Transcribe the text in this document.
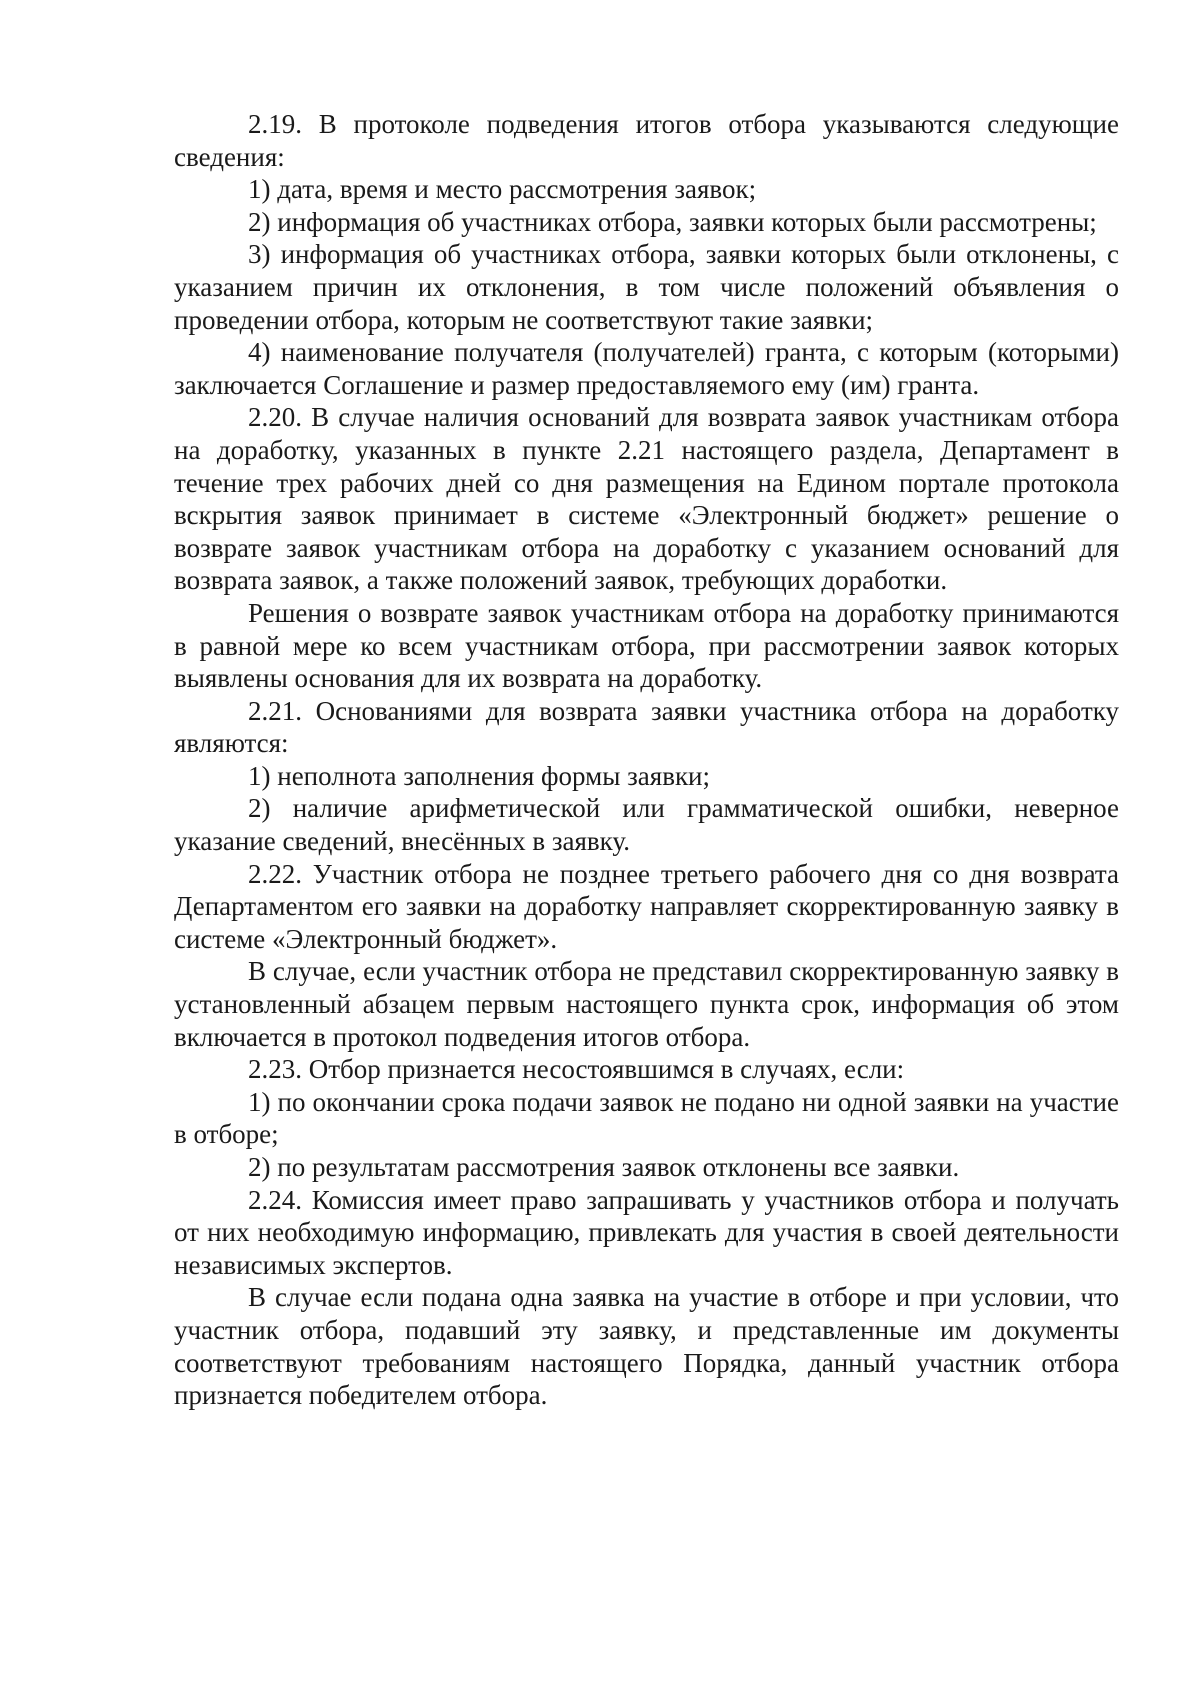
2.19. В протоколе подведения итогов отбора указываются следующие сведения:

1) дата, время и место рассмотрения заявок;

2) информация об участниках отбора, заявки которых были рассмотрены;

3) информация об участниках отбора, заявки которых были отклонены, с указанием причин их отклонения, в том числе положений объявления о проведении отбора, которым не соответствуют такие заявки;

4) наименование получателя (получателей) гранта, с которым (которыми) заключается Соглашение и размер предоставляемого ему (им) гранта.

2.20. В случае наличия оснований для возврата заявок участникам отбора на доработку, указанных в пункте 2.21 настоящего раздела, Департамент в течение трех рабочих дней со дня размещения на Едином портале протокола вскрытия заявок принимает в системе «Электронный бюджет» решение о возврате заявок участникам отбора на доработку с указанием оснований для возврата заявок, а также положений заявок, требующих доработки.

Решения о возврате заявок участникам отбора на доработку принимаются в равной мере ко всем участникам отбора, при рассмотрении заявок которых выявлены основания для их возврата на доработку.

2.21. Основаниями для возврата заявки участника отбора на доработку являются:

1) неполнота заполнения формы заявки;

2) наличие арифметической или грамматической ошибки, неверное указание сведений, внесённых в заявку.

2.22. Участник отбора не позднее третьего рабочего дня со дня возврата Департаментом его заявки на доработку направляет скорректированную заявку в системе «Электронный бюджет».

В случае, если участник отбора не представил скорректированную заявку в установленный абзацем первым настоящего пункта срок, информация об этом включается в протокол подведения итогов отбора.

2.23. Отбор признается несостоявшимся в случаях, если:

1) по окончании срока подачи заявок не подано ни одной заявки на участие в отборе;

2) по результатам рассмотрения заявок отклонены все заявки.

2.24. Комиссия имеет право запрашивать у участников отбора и получать от них необходимую информацию, привлекать для участия в своей деятельности независимых экспертов.

В случае если подана одна заявка на участие в отборе и при условии, что участник отбора, подавший эту заявку, и представленные им документы соответствуют требованиям настоящего Порядка, данный участник отбора признается победителем отбора.
